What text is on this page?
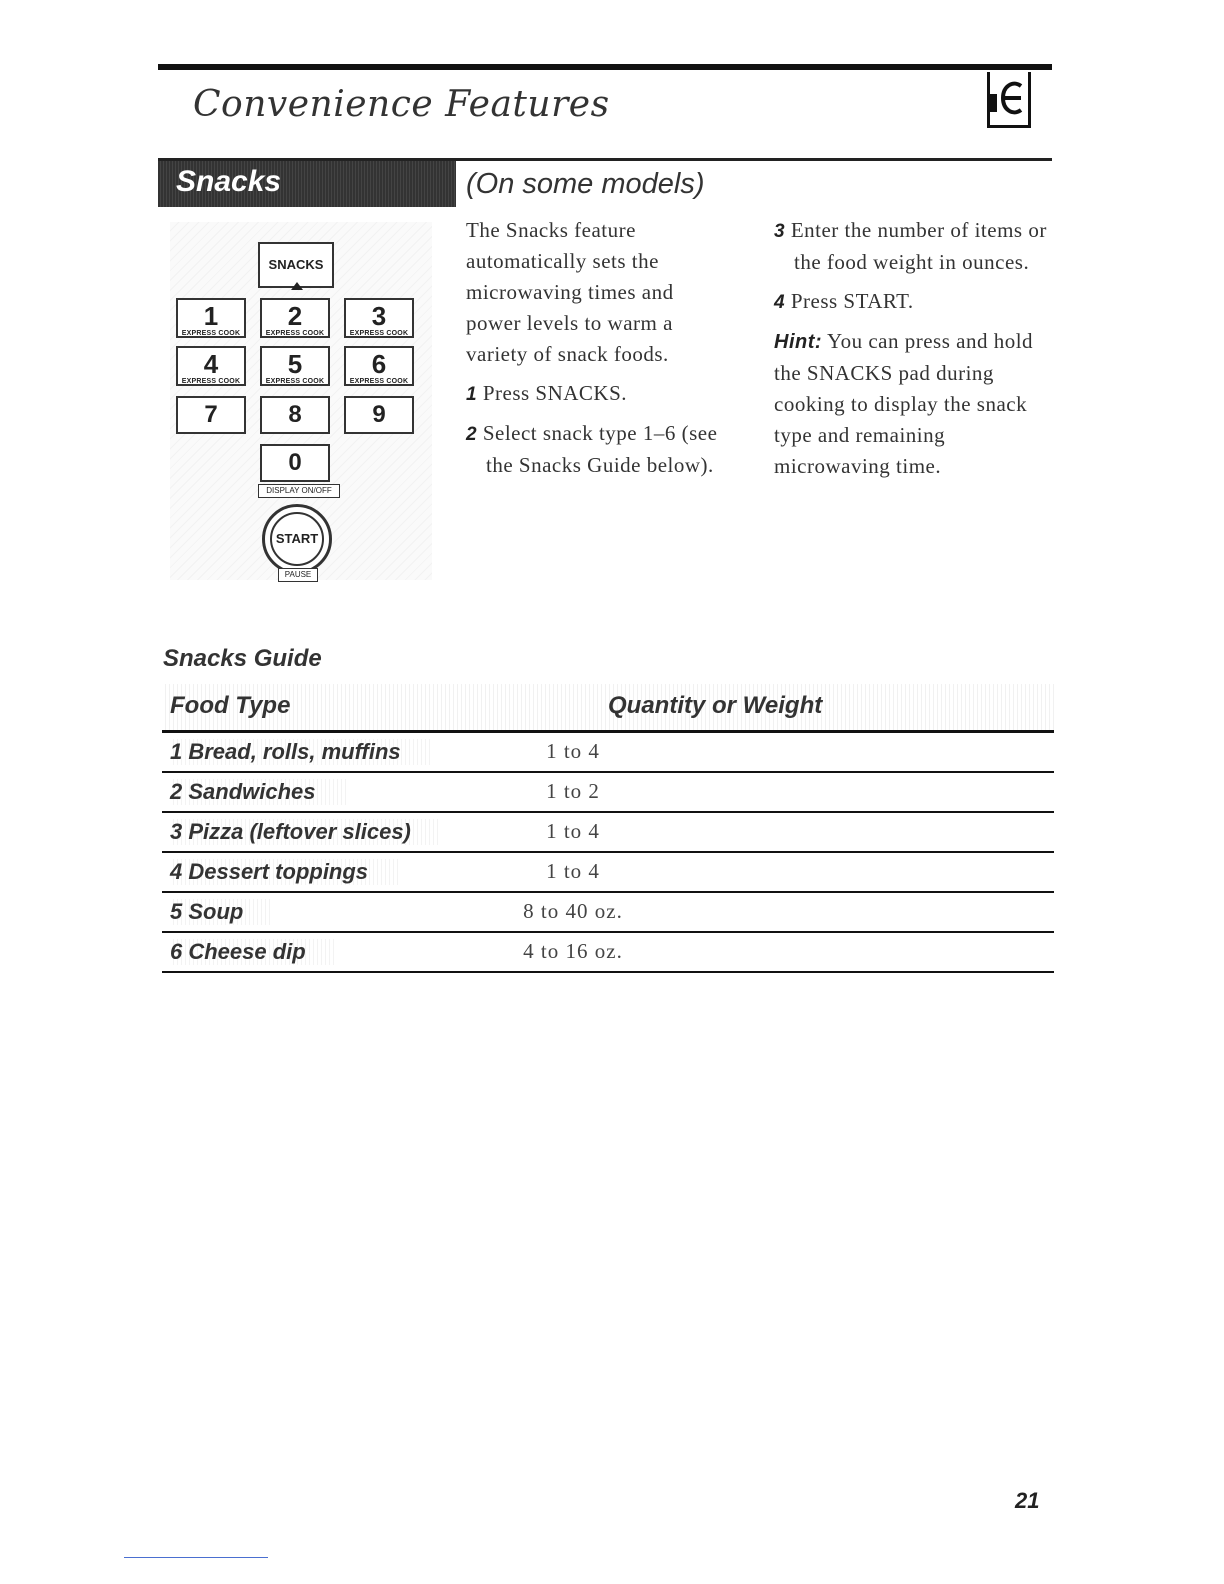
Convenience Features
Snacks	(On some models)
SNACKS
1
EXPRESS COOK
2
EXPRESS COOK
3
EXPRESS COOK
4
EXPRESS COOK
5
EXPRESS COOK
6
EXPRESS COOK
7	8	9
0
DISPLAY ON/OFF
START
PAUSE

The Snacks feature automatically sets the microwaving times and power levels to warm a variety of snack foods.

1 Press SNACKS.

2 Select snack type 1–6 (see the Snacks Guide below).

3 Enter the number of items or the food weight in ounces.

4 Press START.

Hint: You can press and hold the SNACKS pad during cooking to display the snack type and remaining microwaving time.

Snacks Guide
Food Type	Quantity or Weight
1 Bread, rolls, muffins	1 to 4
2 Sandwiches	1 to 2
3 Pizza (leftover slices)	1 to 4
4 Dessert toppings	1 to 4
5 Soup	8 to 40 oz.
6 Cheese dip	4 to 16 oz.
21
